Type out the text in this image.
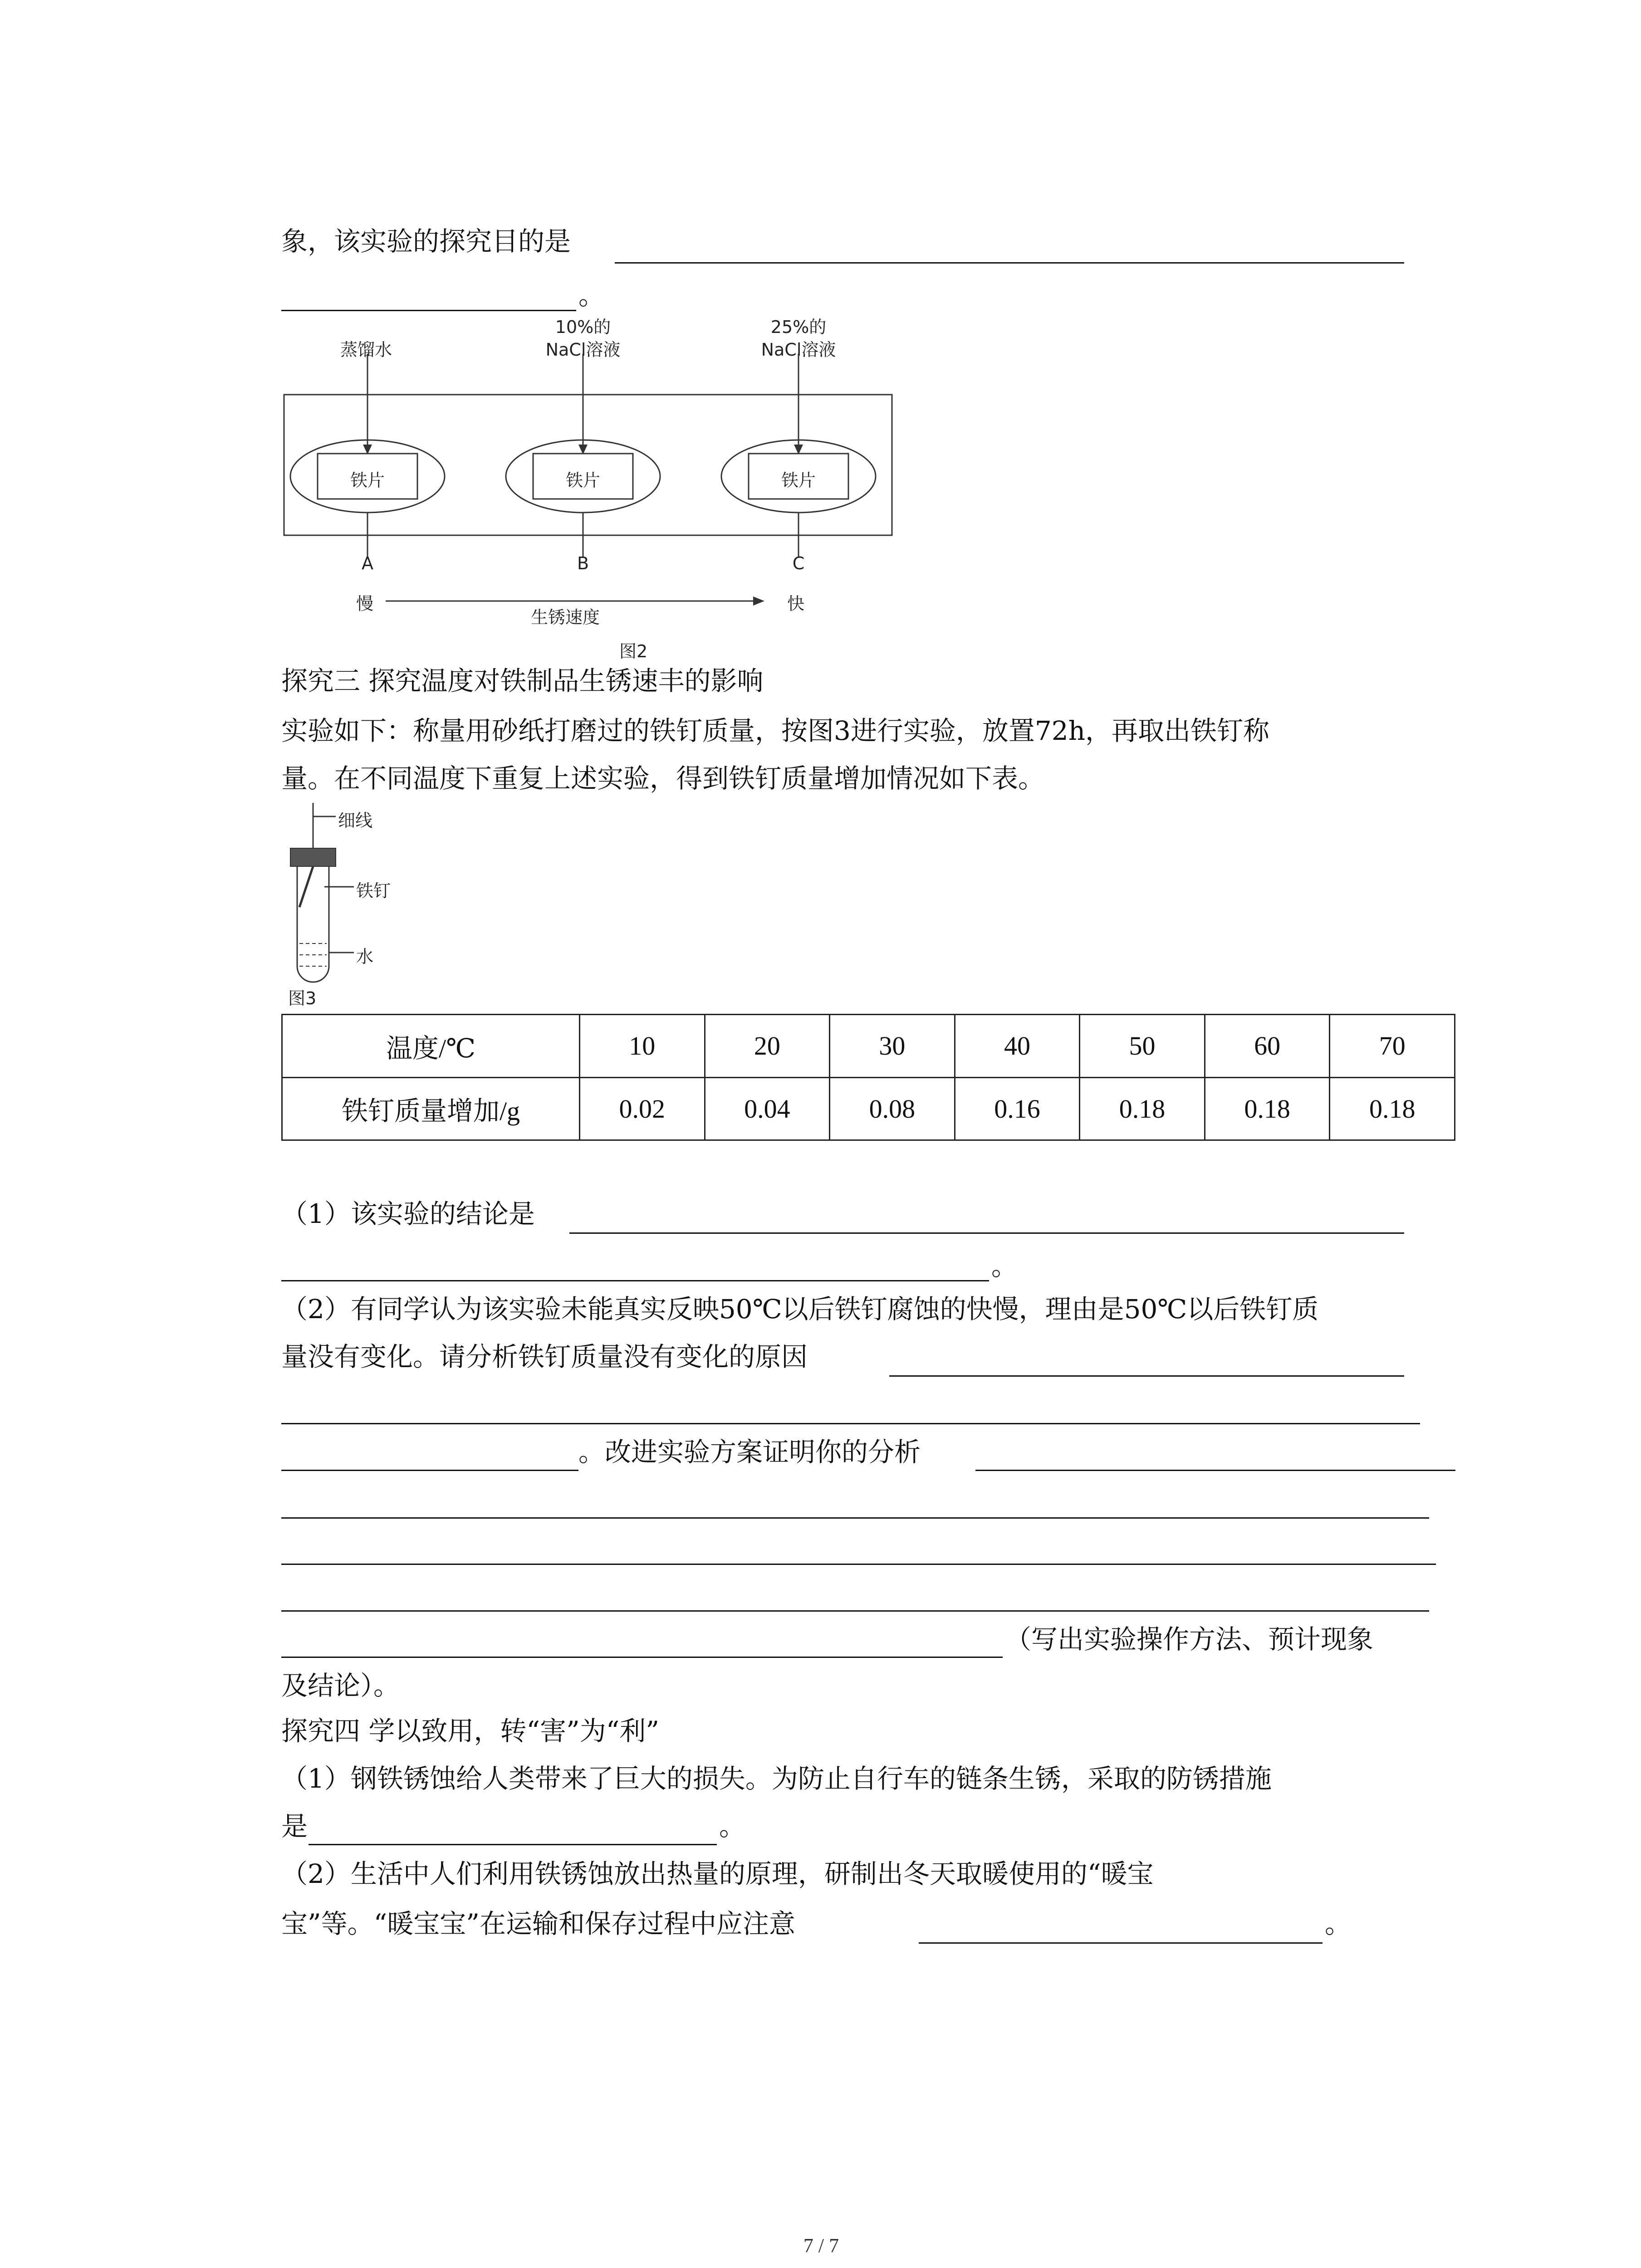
象，该实验的探究目的是
。
蒸馏水
10%的
NaCl溶液
25%的
NaCl溶液
铁片	铁片	铁片
A	B	C
慢	快
生锈速度
图2
探究三 探究温度对铁制品生锈速丰的影响
实验如下：称量用砂纸打磨过的铁钉质量，按图3进行实验，放置72h，再取出铁钉称
量。在不同温度下重复上述实验，得到铁钉质量增加情况如下表。
细线
铁钉
水
图3
温度/℃	10	20	30	40	50	60	70
铁钉质量增加/g	0.02	0.04	0.08	0.16	0.18	0.18	0.18
（1）该实验的结论是
。
（2）有同学认为该实验未能真实反映50℃以后铁钉腐蚀的快慢，理由是50℃以后铁钉质
量没有变化。请分析铁钉质量没有变化的原因
。改进实验方案证明你的分析
（写出实验操作方法、预计现象
及结论）。
探究四 学以致用，转“害”为“利”
（1）钢铁锈蚀给人类带来了巨大的损失。为防止自行车的链条生锈，采取的防锈措施
是	。
（2）生活中人们利用铁锈蚀放出热量的原理，研制出冬天取暖使用的“暖宝
宝”等。“暖宝宝”在运输和保存过程中应注意	。
7 / 7
